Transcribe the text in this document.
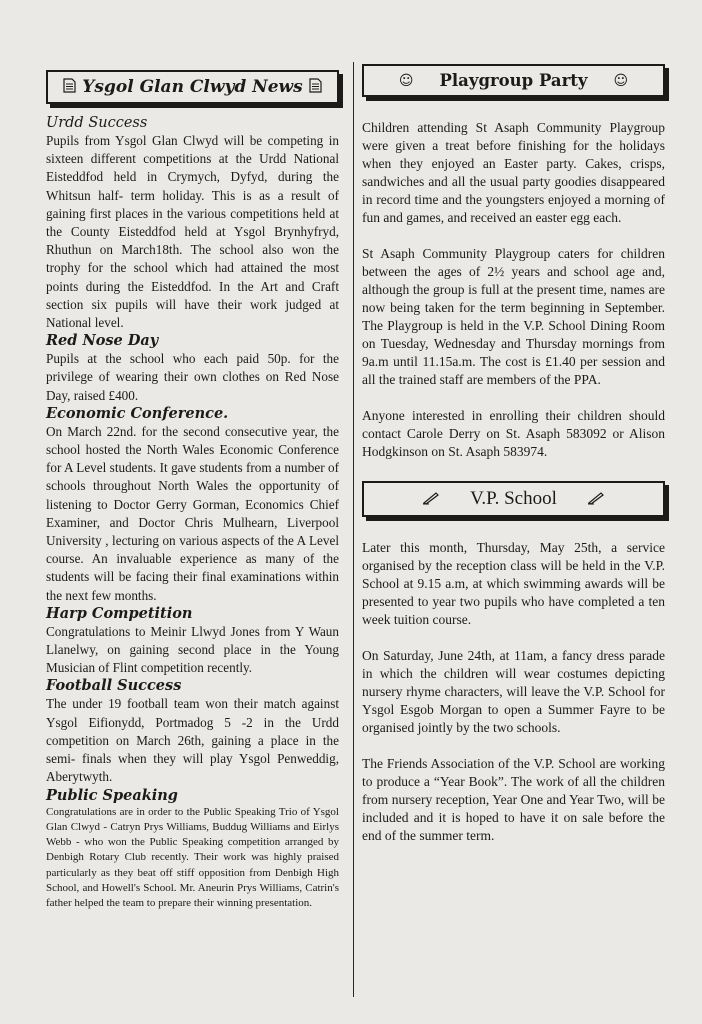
Ysgol Glan Clwyd News
Urdd Success

Pupils from Ysgol Glan Clwyd will be competing in sixteen different competitions at the Urdd National Eisteddfod held in Crymych, Dyfyd, during the Whitsun half- term holiday. This is as a result of gaining first places in the various competitions held at the County Eisteddfod held at Ysgol Brynhyfryd, Rhuthun on March18th. The school also won the trophy for the school which had attained the most points during the Eisteddfod. In the Art and Craft section six pupils will have their work judged at National level.

Red Nose Day

Pupils at the school who each paid 50p. for the privilege of wearing their own clothes on Red Nose Day, raised £400.

Economic Conference.

On March 22nd. for the second consecutive year, the school hosted the North Wales Economic Conference for A Level students. It gave students from a number of schools throughout North Wales the opportunity of listening to Doctor Gerry Gorman, Economics Chief Examiner, and Doctor Chris Mulhearn, Liverpool University , lecturing on various aspects of the A Level course. An invaluable experience as many of the students will be facing their final examinations within the next few months.

Harp Competition

Congratulations to Meinir Llwyd Jones from Y Waun Llanelwy, on gaining second place in the Young Musician of Flint competition recently.

Football Success

The under 19 football team won their match against Ysgol Eifionydd, Portmadog 5 -2 in the Urdd competition on March 26th, gaining a place in the semi- finals when they will play Ysgol Penweddig, Aberytwyth.

Public Speaking

Congratulations are in order to the Public Speaking Trio of Ysgol Glan Clwyd - Catryn Prys Williams, Buddug Williams and Eirlys Webb - who won the Public Speaking competition arranged by Denbigh Rotary Club recently. Their work was highly praised particularly as they beat off stiff opposition from Denbigh High School, and Howell's School. Mr. Aneurin Prys Williams, Catrin's father helped the team to prepare their winning presentation.

☺ Playgroup Party ☺

Children attending St Asaph Community Playgroup were given a treat before finishing for the holidays when they enjoyed an Easter party. Cakes, crisps, sandwiches and all the usual party goodies disappeared in record time and the youngsters enjoyed a morning of fun and games, and received an easter egg each.

St Asaph Community Playgroup caters for children between the ages of 2½ years and school age and, although the group is full at the present time, names are now being taken for the term beginning in September. The Playgroup is held in the V.P. School Dining Room on Tuesday, Wednesday and Thursday mornings from 9a.m until 11.15a.m. The cost is £1.40 per session and all the trained staff are members of the PPA.

Anyone interested in enrolling their children should contact Carole Derry on St. Asaph 583092 or Alison Hodgkinson on St. Asaph 583974.

V.P. School

Later this month, Thursday, May 25th, a service organised by the reception class will be held in the V.P. School at 9.15 a.m, at which swimming awards will be presented to year two pupils who have completed a ten week tuition course.

On Saturday, June 24th, at 11am, a fancy dress parade in which the children will wear costumes depicting nursery rhyme characters, will leave the V.P. School for Ysgol Esgob Morgan to open a Summer Fayre to be organised jointly by the two schools.

The Friends Association of the V.P. School are working to produce a “Year Book”. The work of all the children from nursery reception, Year One and Year Two, will be included and it is hoped to have it on sale before the end of the summer term.
